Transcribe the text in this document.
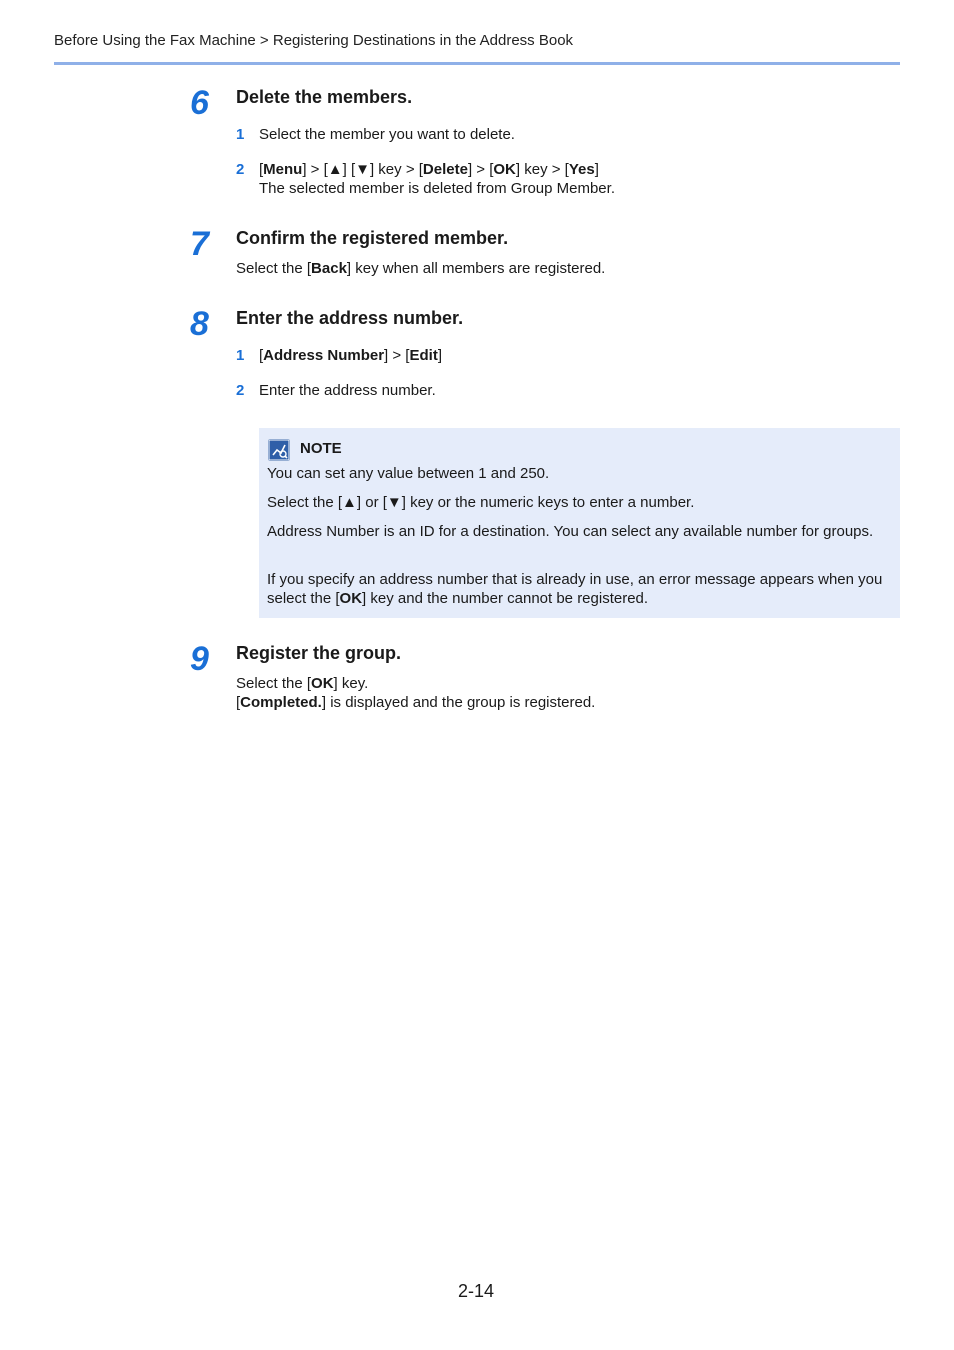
Before Using the Fax Machine > Registering Destinations in the Address Book
6 Delete the members.
1 Select the member you want to delete.
2 [Menu] > [▲] [▼] key > [Delete] > [OK] key > [Yes]
The selected member is deleted from Group Member.
7 Confirm the registered member.
Select the [Back] key when all members are registered.
8 Enter the address number.
1 [Address Number] > [Edit]
2 Enter the address number.
NOTE
You can set any value between 1 and 250.
Select the [▲] or [▼] key or the numeric keys to enter a number.
Address Number is an ID for a destination. You can select any available number for groups.
If you specify an address number that is already in use, an error message appears when you select the [OK] key and the number cannot be registered.
9 Register the group.
Select the [OK] key.
[Completed.] is displayed and the group is registered.
2-14
